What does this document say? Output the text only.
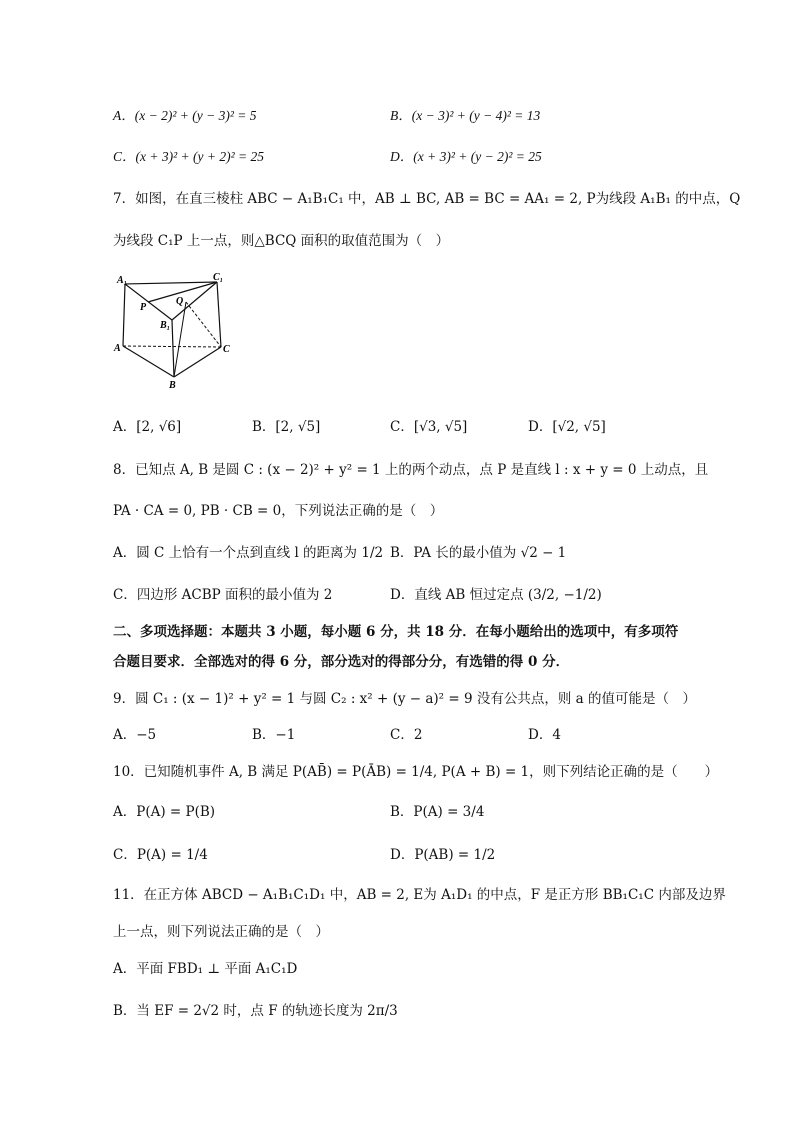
A．(x − 2)² + (y − 3)² = 5	B．(x − 3)² + (y − 4)² = 13
C．(x + 3)² + (y + 2)² = 25	D．(x + 3)² + (y − 2)² = 25
7．如图，在直三棱柱 ABC − A₁B₁C₁ 中，AB ⊥ BC, AB = BC = AA₁ = 2, P为线段 A₁B₁ 的中点，Q
为线段 C₁P 上一点，则△BCQ 面积的取值范围为（　）
A₁	C₁
P
Q
B₁
A	C
B
A．[2, √6]	B．[2, √5]	C．[√3, √5]	D．[√2, √5]
8．已知点 A, B 是圆 C : (x − 2)² + y² = 1 上的两个动点，点 P 是直线 l : x + y = 0 上动点，且
PA · CA = 0, PB · CB = 0，下列说法正确的是（　）
A．圆 C 上恰有一个点到直线 l 的距离为 1/2 B．PA 长的最小值为 √2 − 1
C．四边形 ACBP 面积的最小值为 2	D．直线 AB 恒过定点 (3/2, −1/2)
二、多项选择题：本题共 3 小题，每小题 6 分，共 18 分．在每小题给出的选项中，有多项符
合题目要求．全部选对的得 6 分，部分选对的得部分分，有选错的得 0 分．
9．圆 C₁ : (x − 1)² + y² = 1 与圆 C₂ : x² + (y − a)² = 9 没有公共点，则 a 的值可能是（　）
A．−5	B．−1	C．2	D．4
10．已知随机事件 A, B 满足 P(AB̄) = P(ĀB) = 1/4, P(A + B) = 1，则下列结论正确的是（　　）
A．P(A) = P(B)	B．P(A) = 3/4
C．P(A) = 1/4	D．P(AB) = 1/2
11．在正方体 ABCD − A₁B₁C₁D₁ 中，AB = 2, E为 A₁D₁ 的中点，F 是正方形 BB₁C₁C 内部及边界
上一点，则下列说法正确的是（　）
A．平面 FBD₁ ⊥ 平面 A₁C₁D
B．当 EF = 2√2 时，点 F 的轨迹长度为 2π/3
